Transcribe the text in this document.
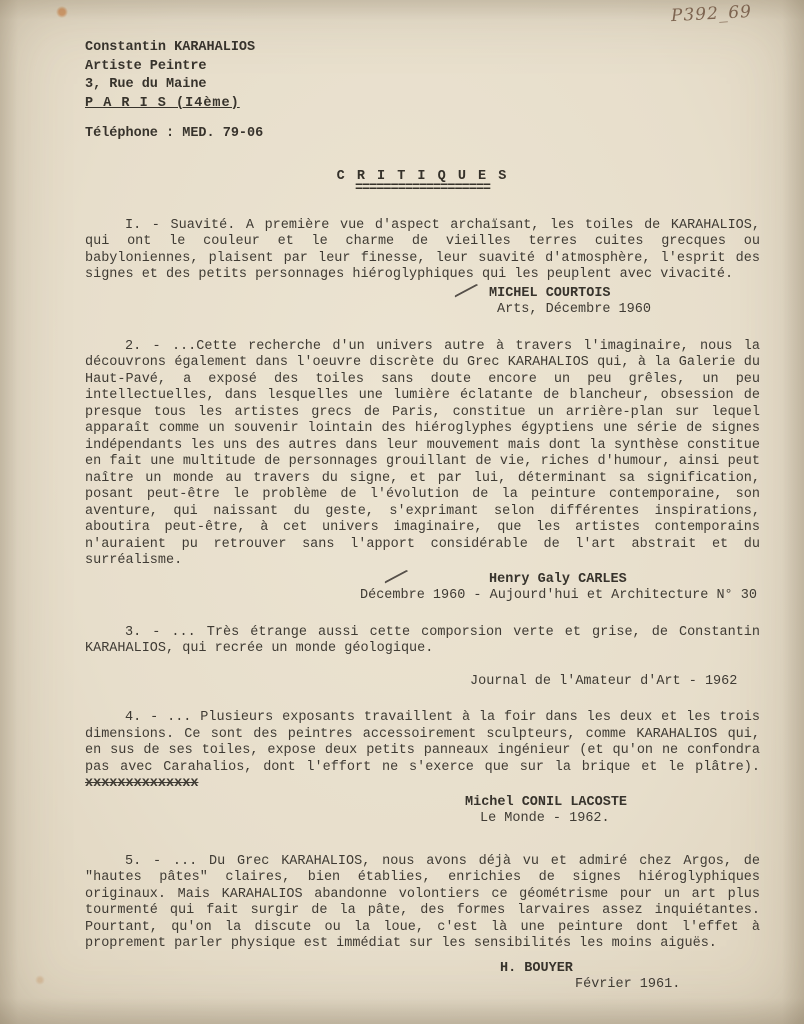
P392_69
Constantin KARAHALIOS
Artiste Peintre
3, Rue du Maine
P A R I S (I4ème)
Téléphone : MED. 79-06
C R I T I Q U E S
===================

I. - Suavité. A première vue d'aspect archaïsant, les toiles de KARAHALIOS, qui ont le couleur et le charme de vieilles terres cuites grecques ou babyloniennes, plaisent par leur finesse, leur suavité d'atmosphère, l'esprit des signes et des petits personnages hiéroglyphiques qui les peuplent avec vivacité.

MICHEL COURTOIS
Arts, Décembre 1960

2. - ...Cette recherche d'un univers autre à travers l'imaginaire, nous la découvrons également dans l'oeuvre discrète du Grec KARAHALIOS qui, à la Galerie du Haut-Pavé, a exposé des toiles sans doute encore un peu grêles, un peu intellectuelles, dans lesquelles une lumière éclatante de blancheur, obsession de presque tous les artistes grecs de Paris, constitue un arrière-plan sur lequel apparaît comme un souvenir lointain des hiéroglyphes égyptiens une série de signes indépendants les uns des autres dans leur mouvement mais dont la synthèse constitue en fait une multitude de personnages grouillant de vie, riches d'humour, ainsi peut naître un monde au travers du signe, et par lui, déterminant sa signification, posant peut-être le problème de l'évolution de la peinture contemporaine, son aventure, qui naissant du geste, s'exprimant selon différentes inspirations, aboutira peut-être, à cet univers imaginaire, que les artistes contemporains n'auraient pu retrouver sans l'apport considérable de l'art abstrait et du surréalisme.

Henry Galy CARLES
Décembre 1960 - Aujourd'hui et Architecture N° 30

3. - ... Très étrange aussi cette comporsion verte et grise, de Constantin KARAHALIOS, qui recrée un monde géologique.

Journal de l'Amateur d'Art - 1962

4. - ... Plusieurs exposants travaillent à la foir dans les deux et les trois dimensions. Ce sont des peintres accessoirement sculpteurs, comme KARAHALIOS qui, en sus de ses toiles, expose deux petits panneaux ingénieur (et qu'on ne confondra pas avec Carahalios, dont l'effort ne s'exerce que sur la brique et le plâtre). xxxxxxxxxxxxxx

Michel CONIL LACOSTE
Le Monde - 1962.

5. - ... Du Grec KARAHALIOS, nous avons déjà vu et admiré chez Argos, de "hautes pâtes" claires, bien établies, enrichies de signes hiéroglyphiques originaux. Mais KARAHALIOS abandonne volontiers ce géométrisme pour un art plus tourmenté qui fait surgir de la pâte, des formes larvaires assez inquiétantes. Pourtant, qu'on la discute ou la loue, c'est là une peinture dont l'effet à proprement parler physique est immédiat sur les sensibilités les moins aiguës.

H. BOUYER
Février 1961.
